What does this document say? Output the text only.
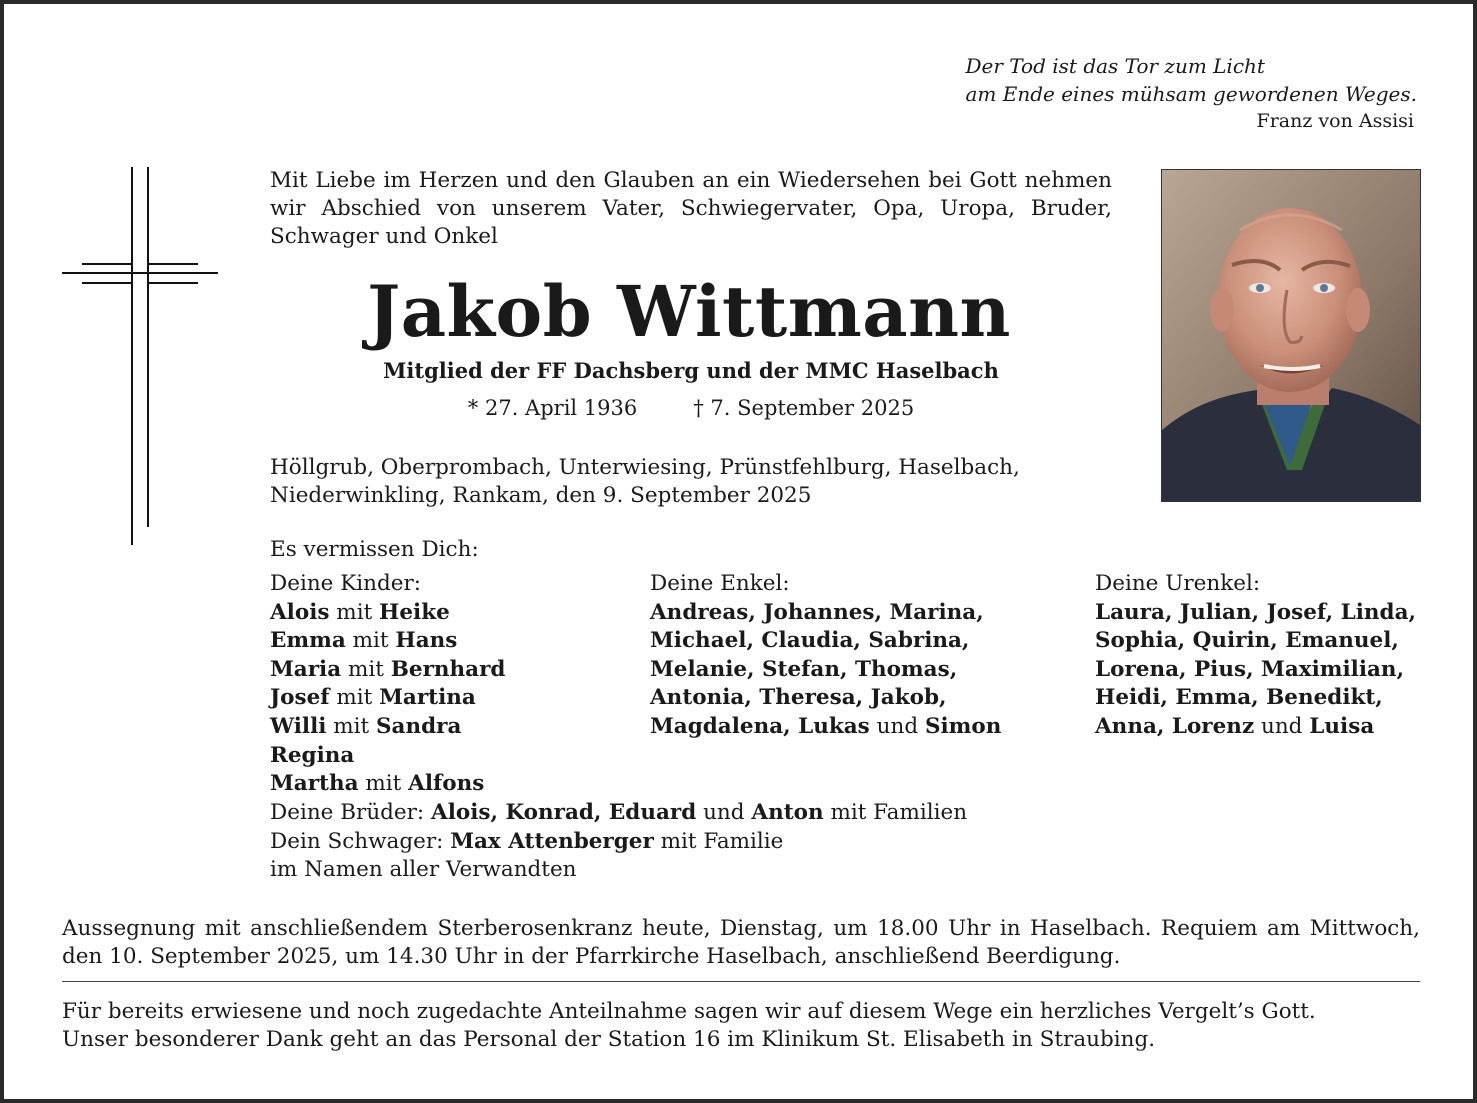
Der Tod ist das Tor zum Licht
am Ende eines mühsam gewordenen Weges.
Franz von Assisi
Mit Liebe im Herzen und den Glauben an ein Wiedersehen bei Gott nehmen wir Abschied von unserem Vater, Schwiegervater, Opa, Uropa, Bruder, Schwager und Onkel
Jakob Wittmann
Mitglied der FF Dachsberg und der MMC Haselbach
* 27. April 1936	† 7. September 2025
Höllgrub, Oberprombach, Unterwiesing, Prünstfehlburg, Haselbach,
Niederwinkling, Rankam, den 9. September 2025
Es vermissen Dich:
Deine Kinder:
Alois mit Heike
Emma mit Hans
Maria mit Bernhard
Josef mit Martina
Willi mit Sandra
Regina
Martha mit Alfons
Deine Enkel:
Andreas, Johannes, Marina,
Michael, Claudia, Sabrina,
Melanie, Stefan, Thomas,
Antonia, Theresa, Jakob,
Magdalena, Lukas und Simon
Deine Urenkel:
Laura, Julian, Josef, Linda,
Sophia, Quirin, Emanuel,
Lorena, Pius, Maximilian,
Heidi, Emma, Benedikt,
Anna, Lorenz und Luisa
Deine Brüder: Alois, Konrad, Eduard und Anton mit Familien
Dein Schwager: Max Attenberger mit Familie
im Namen aller Verwandten
Aussegnung mit anschließendem Sterberosenkranz heute, Dienstag, um 18.00 Uhr in Haselbach. Requiem am Mittwoch, den 10. September 2025, um 14.30 Uhr in der Pfarrkirche Haselbach, anschließend Beerdigung.
Für bereits erwiesene und noch zugedachte Anteilnahme sagen wir auf diesem Wege ein herzliches Vergelt’s Gott.
Unser besonderer Dank geht an das Personal der Station 16 im Klinikum St. Elisabeth in Straubing.
